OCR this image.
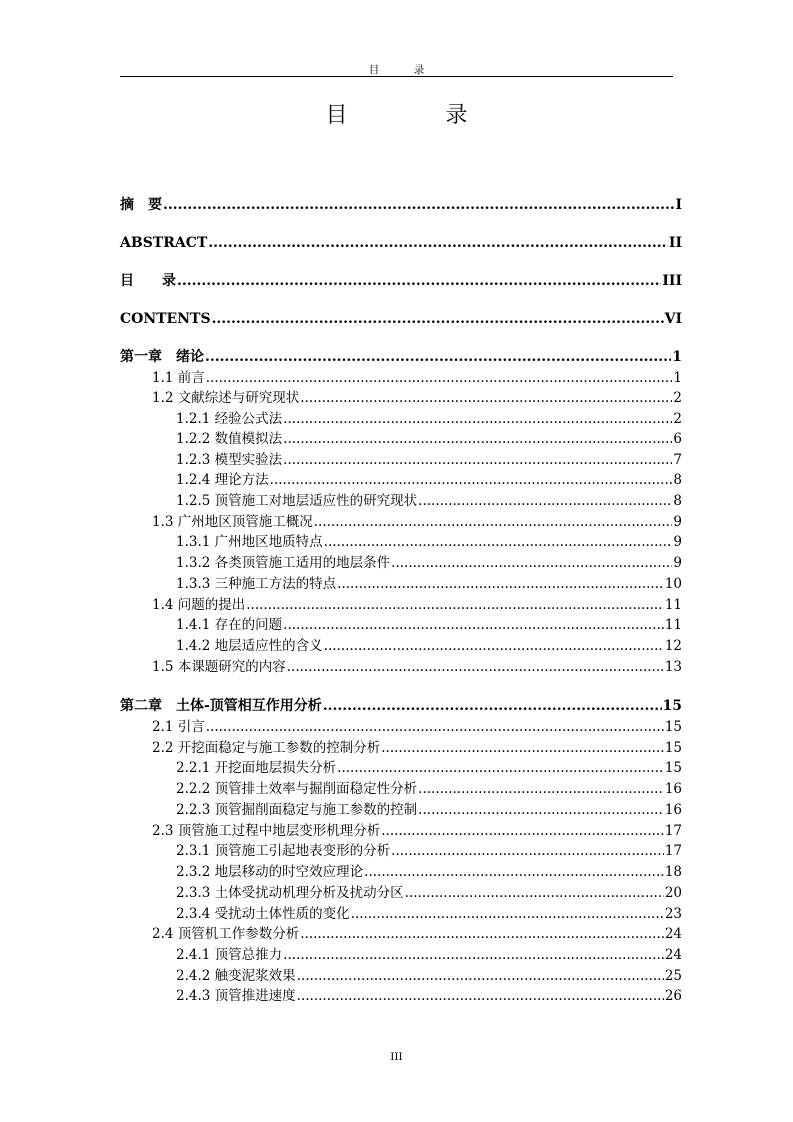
目　录
目　录
摘　要 .....	I
ABSTRACT .....	II
目　　录 .....	III
CONTENTS .....	VI
第一章　绪论 .....	1
1.1 前言 .....	1
1.2 文献综述与研究现状 .....	2
1.2.1 经验公式法 .....	2
1.2.2 数值模拟法 .....	6
1.2.3 模型实验法 .....	7
1.2.4 理论方法 .....	8
1.2.5 顶管施工对地层适应性的研究现状 .....	8
1.3 广州地区顶管施工概况 .....	9
1.3.1 广州地区地质特点 .....	9
1.3.2 各类顶管施工适用的地层条件 .....	9
1.3.3 三种施工方法的特点 .....	10
1.4 问题的提出 .....	11
1.4.1 存在的问题 .....	11
1.4.2 地层适应性的含义 .....	12
1.5 本课题研究的内容 .....	13
第二章　土体-顶管相互作用分析 .....	15
2.1 引言 .....	15
2.2 开挖面稳定与施工参数的控制分析 .....	15
2.2.1 开挖面地层损失分析 .....	15
2.2.2 顶管排土效率与掘削面稳定性分析 .....	16
2.2.3 顶管掘削面稳定与施工参数的控制 .....	16
2.3 顶管施工过程中地层变形机理分析 .....	17
2.3.1 顶管施工引起地表变形的分析 .....	17
2.3.2 地层移动的时空效应理论 .....	18
2.3.3 土体受扰动机理分析及扰动分区 .....	20
2.3.4 受扰动土体性质的变化 .....	23
2.4 顶管机工作参数分析 .....	24
2.4.1 顶管总推力 .....	24
2.4.2 触变泥浆效果 .....	25
2.4.3 顶管推进速度 .....	26
III
